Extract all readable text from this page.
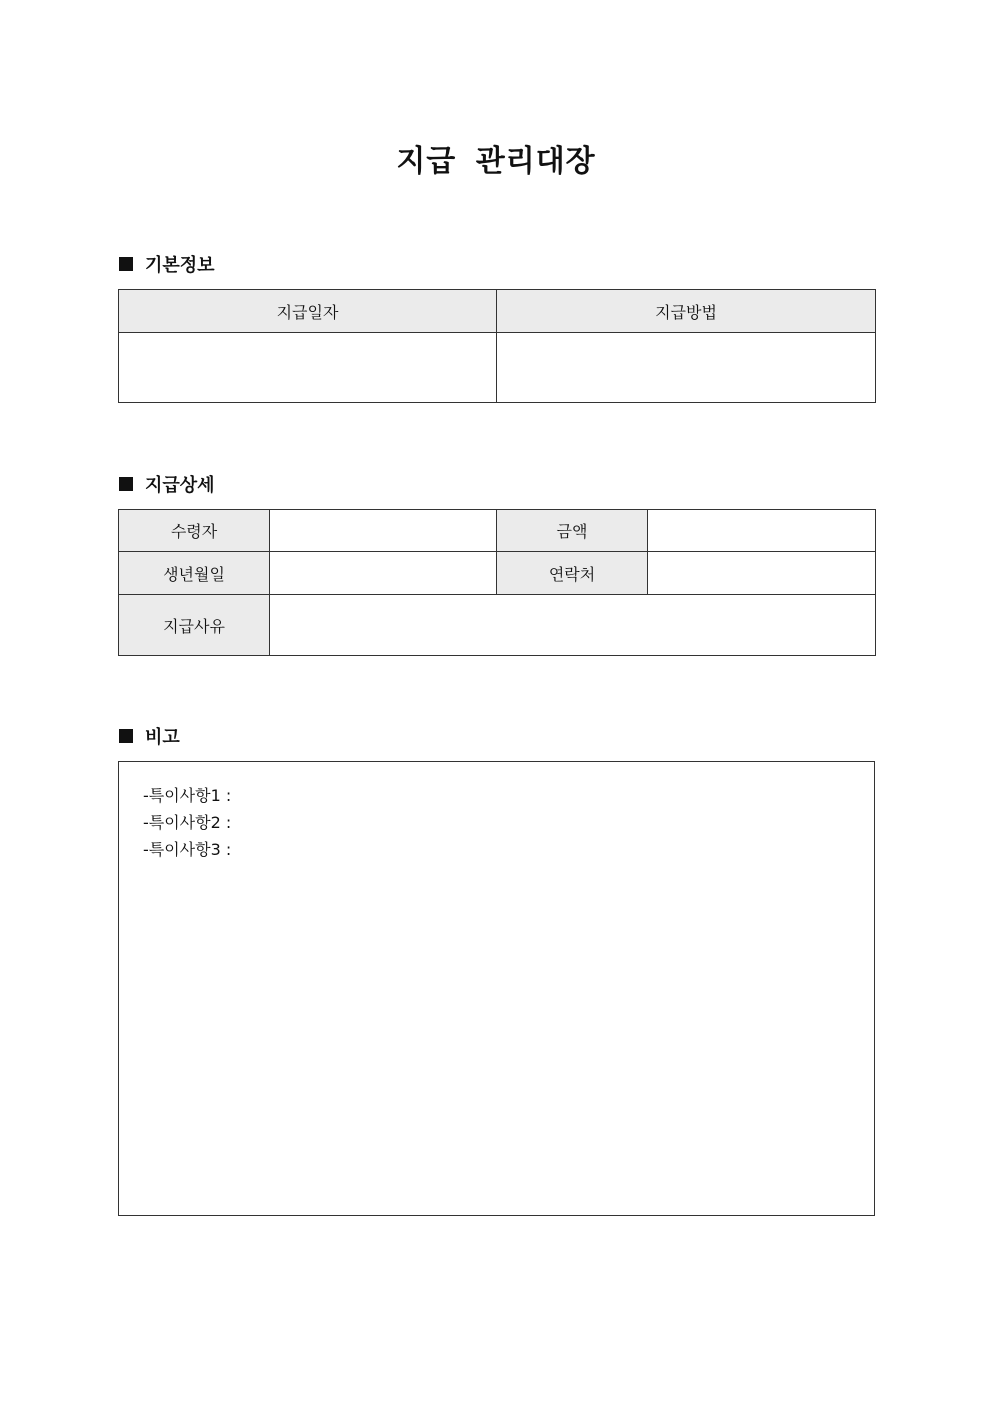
지급 관리대장
기본정보
지급일자	지급방법

지급상세
수령자		금액	
생년월일		연락처	
지급사유			
비고
-특이사항1 :
-특이사항2 :
-특이사항3 :
